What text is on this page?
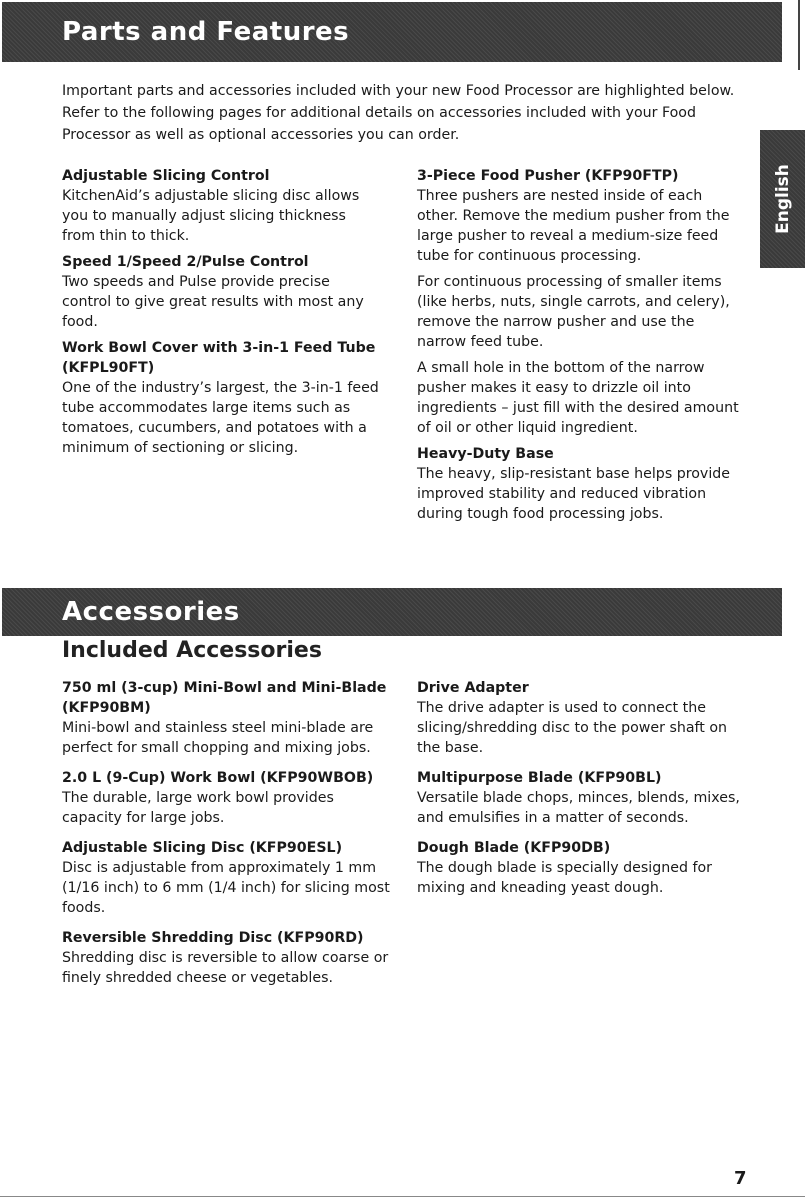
Parts and Features

Important parts and accessories included with your new Food Processor are highlighted below. Refer to the following pages for additional details on accessories included with your Food Processor as well as optional accessories you can order.

English
Adjustable Slicing Control

KitchenAid’s adjustable slicing disc allows you to manually adjust slicing thickness from thin to thick.

Speed 1/Speed 2/Pulse Control

Two speeds and Pulse provide precise control to give great results with most any food.

Work Bowl Cover with 3-in-1 Feed Tube (KFPL90FT)

One of the industry’s largest, the 3-in-1 feed tube accommodates large items such as tomatoes, cucumbers, and potatoes with a minimum of sectioning or slicing.

3-Piece Food Pusher (KFP90FTP)

Three pushers are nested inside of each other. Remove the medium pusher from the large pusher to reveal a medium-size feed tube for continuous processing.

For continuous processing of smaller items (like herbs, nuts, single carrots, and celery), remove the narrow pusher and use the narrow feed tube.

A small hole in the bottom of the narrow pusher makes it easy to drizzle oil into ingredients – just fill with the desired amount of oil or other liquid ingredient.

Heavy-Duty Base

The heavy, slip-resistant base helps provide improved stability and reduced vibration during tough food processing jobs.

Accessories
Included Accessories
750 ml (3-cup) Mini-Bowl and Mini-Blade (KFP90BM)

Mini-bowl and stainless steel mini-blade are perfect for small chopping and mixing jobs.

2.0 L (9-Cup) Work Bowl (KFP90WBOB)

The durable, large work bowl provides capacity for large jobs.

Adjustable Slicing Disc (KFP90ESL)

Disc is adjustable from approximately 1 mm (1/16 inch) to 6 mm (1/4 inch) for slicing most foods.

Reversible Shredding Disc (KFP90RD)

Shredding disc is reversible to allow coarse or finely shredded cheese or vegetables.

Drive Adapter

The drive adapter is used to connect the slicing/shredding disc to the power shaft on the base.

Multipurpose Blade (KFP90BL)

Versatile blade chops, minces, blends, mixes, and emulsifies in a matter of seconds.

Dough Blade (KFP90DB)

The dough blade is specially designed for mixing and kneading yeast dough.

7
